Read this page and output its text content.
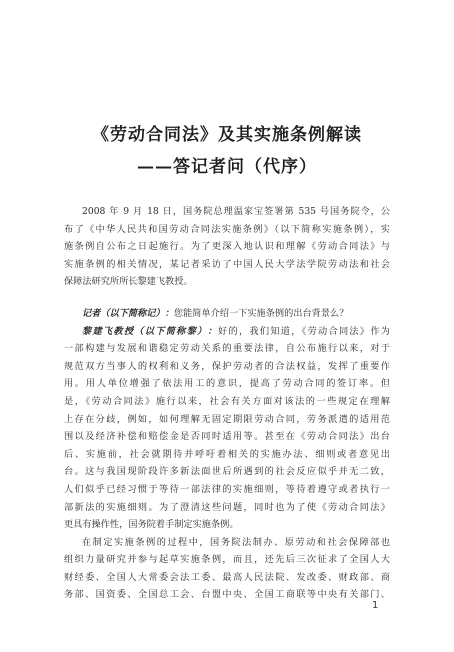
《劳动合同法》及其实施条例解读
——答记者问（代序）
2008 年 9 月 18 日，国务院总理温家宝签署第 535 号国务院令，公
布了《中华人民共和国劳动合同法实施条例》（以下简称实施条例），实
施条例自公布之日起施行。为了更深入地认识和理解《劳动合同法》与
实施条例的相关情况，某记者采访了中国人民大学法学院劳动法和社会
保障法研究所所长黎建飞教授。
记者（以下简称记）：您能简单介绍一下实施条例的出台背景么？
黎建飞教授（以下简称黎）：好的，我们知道，《劳动合同法》作为
一部构建与发展和谐稳定劳动关系的重要法律，自公布施行以来，对于
规范双方当事人的权利和义务，保护劳动者的合法权益，发挥了重要作
用。用人单位增强了依法用工的意识，提高了劳动合同的签订率。但
是，《劳动合同法》施行以来，社会有关方面对该法的一些规定在理解
上存在分歧，例如，如何理解无固定期限劳动合同，劳务派遣的适用范
围以及经济补偿和赔偿金是否同时适用等。甚至在《劳动合同法》出台
后、实施前，社会就期待并呼吁着相关的实施办法、细则或者意见出
台。这与我国现阶段许多新法面世后所遇到的社会反应似乎并无二致，
人们似乎已经习惯于等待一部法律的实施细则，等待着遵守或者执行一
部新法的实施细则。为了澄清这些问题，同时也为了使《劳动合同法》
更具有操作性，国务院着手制定实施条例。
在制定实施条例的过程中，国务院法制办、原劳动和社会保障部也
组织力量研究并参与起草实施条例，而且，还先后三次征求了全国人大
财经委、全国人大常委会法工委、最高人民法院、发改委、财政部、商
务部、国资委、全国总工会、台盟中央、全国工商联等中央有关部门、
1
